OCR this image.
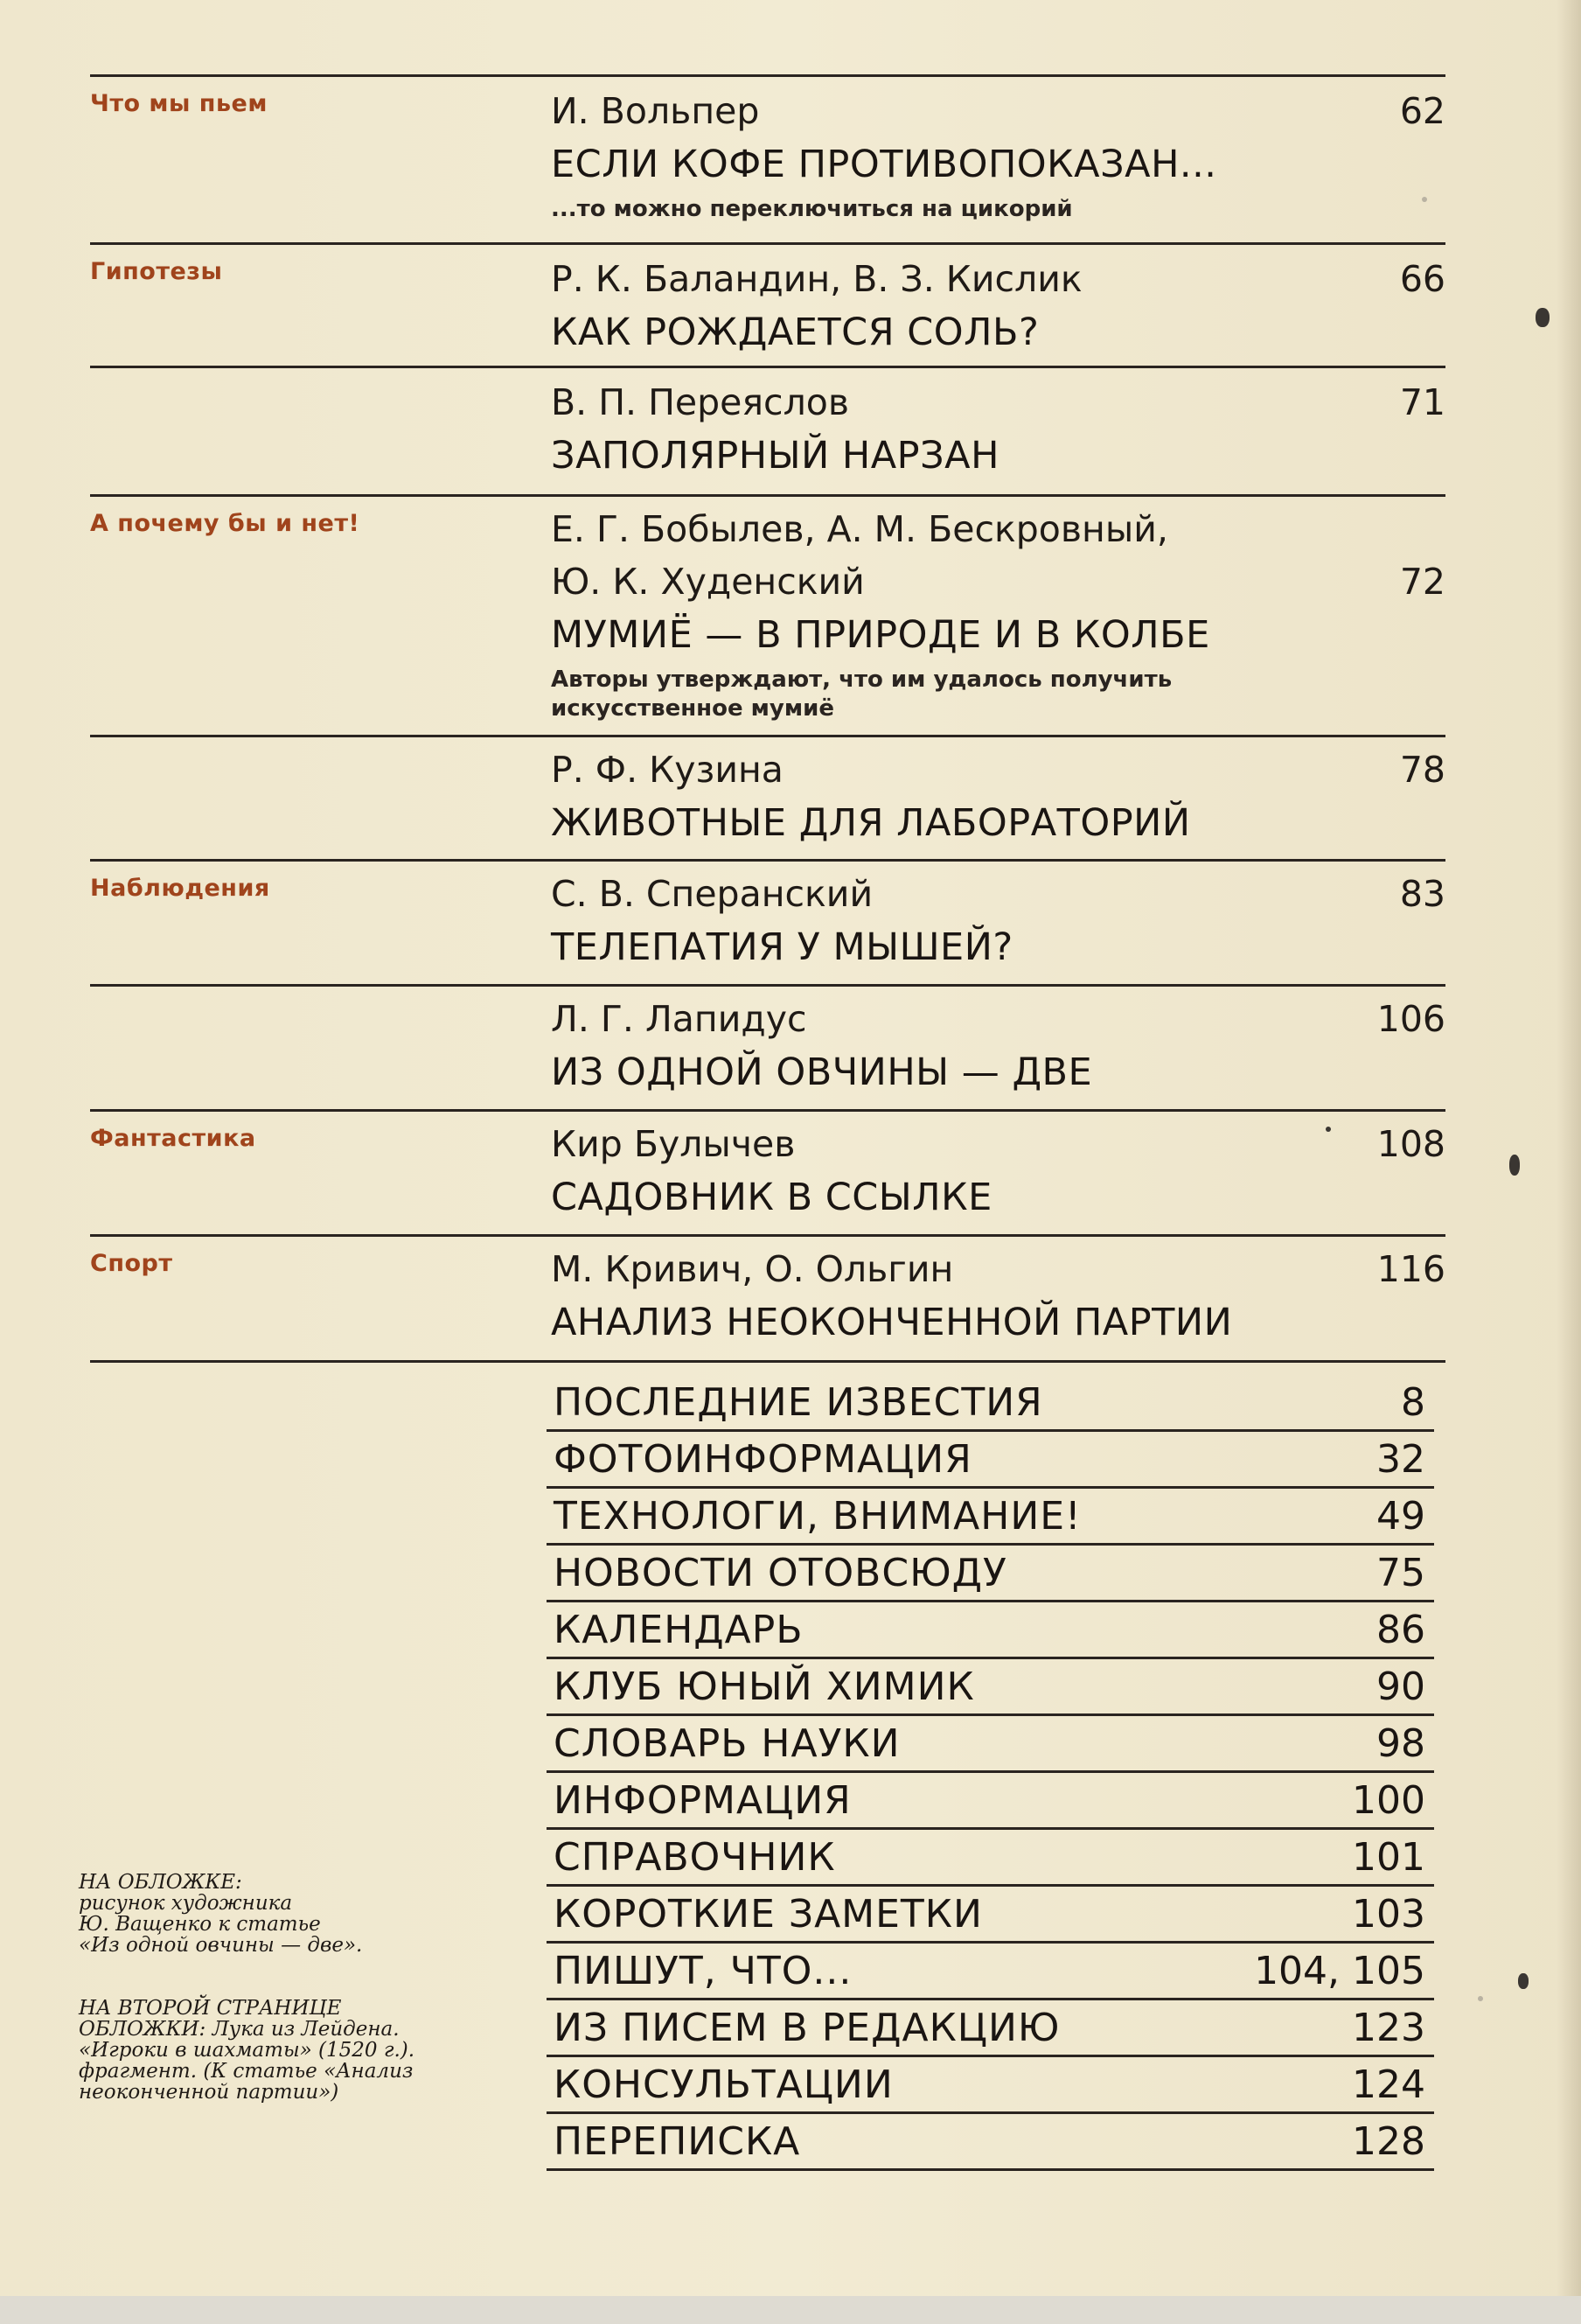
Что мы пьем	И. Вольпер
ЕСЛИ КОФЕ ПРОТИВОПОКАЗАН...
...то можно переключиться на цикорий
62
Гипотезы	Р. К. Баландин, В. З. Кислик
КАК РОЖДАЕТСЯ СОЛЬ?
66
В. П. Переяслов
ЗАПОЛЯРНЫЙ НАРЗАН
71
А почему бы и нет!	Е. Г. Бобылев, А. М. Бескровный,
Ю. К. Худенский
МУМИЁ — В ПРИРОДЕ И В КОЛБЕ
Авторы утверждают, что им удалось получить
искусственное мумиё
72
Р. Ф. Кузина
ЖИВОТНЫЕ ДЛЯ ЛАБОРАТОРИЙ
78
Наблюдения	С. В. Сперанский
ТЕЛЕПАТИЯ У МЫШЕЙ?
83
Л. Г. Лапидус
ИЗ ОДНОЙ ОВЧИНЫ — ДВЕ
106
Фантастика	Кир Булычев
САДОВНИК В ССЫЛКЕ
108
Спорт	М. Кривич, О. Ольгин
АНАЛИЗ НЕОКОНЧЕННОЙ ПАРТИИ
116
ПОСЛЕДНИЕ ИЗВЕСТИЯ	8
ФОТОИНФОРМАЦИЯ	32
ТЕХНОЛОГИ, ВНИМАНИЕ!	49
НОВОСТИ ОТОВСЮДУ	75
КАЛЕНДАРЬ	86
КЛУБ ЮНЫЙ ХИМИК	90
СЛОВАРЬ НАУКИ	98
ИНФОРМАЦИЯ	100
СПРАВОЧНИК	101
КОРОТКИЕ ЗАМЕТКИ	103
ПИШУТ, ЧТО...	104, 105
ИЗ ПИСЕМ В РЕДАКЦИЮ	123
КОНСУЛЬТАЦИИ	124
ПЕРЕПИСКА	128
НА ОБЛОЖКЕ:
рисунок художника
Ю. Ващенко к статье
«Из одной овчины — две».
НА ВТОРОЙ СТРАНИЦЕ
ОБЛОЖКИ: Лука из Лейдена.
«Игроки в шахматы» (1520 г.).
фрагмент. (К статье «Анализ
неоконченной партии»)
